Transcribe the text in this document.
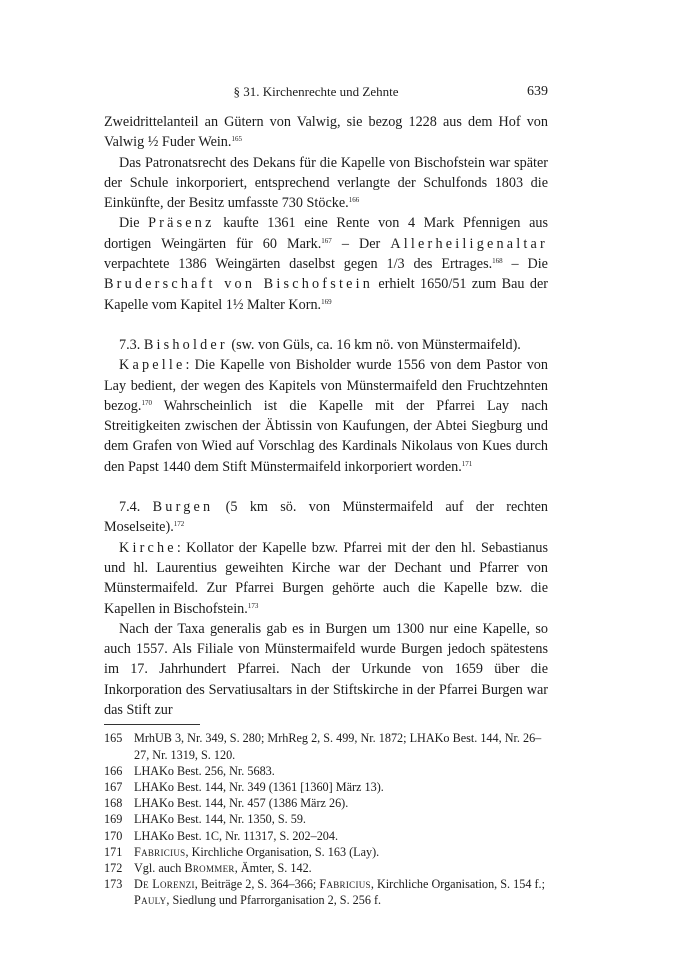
§ 31. Kirchenrechte und Zehnte	639

Zweidrittelanteil an Gütern von Valwig, sie bezog 1228 aus dem Hof von Valwig ½ Fuder Wein.$^{165}$

Das Patronatsrecht des Dekans für die Kapelle von Bischofstein war später der Schule inkorporiert, entsprechend verlangte der Schulfonds 1803 die Einkünfte, der Besitz umfasste 730 Stöcke.$^{166}$

Die Präsenz kaufte 1361 eine Rente von 4 Mark Pfennigen aus dortigen Weingärten für 60 Mark.$^{167}$ – Der Allerheiligenaltar verpachtete 1386 Weingärten daselbst gegen 1/3 des Ertrages.$^{168}$ – Die Bruderschaft von Bischofstein erhielt 1650/51 zum Bau der Kapelle vom Kapitel 1½ Malter Korn.$^{169}$

7.3. Bisholder (sw. von Güls, ca. 16 km nö. von Münstermaifeld).

Kapelle: Die Kapelle von Bisholder wurde 1556 von dem Pastor von Lay bedient, der wegen des Kapitels von Münstermaifeld den Fruchtzehnten bezog.$^{170}$ Wahrscheinlich ist die Kapelle mit der Pfarrei Lay nach Streitigkeiten zwischen der Äbtissin von Kaufungen, der Abtei Siegburg und dem Grafen von Wied auf Vorschlag des Kardinals Nikolaus von Kues durch den Papst 1440 dem Stift Münstermaifeld inkorporiert worden.$^{171}$

7.4. Burgen (5 km sö. von Münstermaifeld auf der rechten Moselseite).$^{172}$

Kirche: Kollator der Kapelle bzw. Pfarrei mit der den hl. Sebastianus und hl. Laurentius geweihten Kirche war der Dechant und Pfarrer von Münstermaifeld. Zur Pfarrei Burgen gehörte auch die Kapelle bzw. die Kapellen in Bischofstein.$^{173}$

Nach der Taxa generalis gab es in Burgen um 1300 nur eine Kapelle, so auch 1557. Als Filiale von Münstermaifeld wurde Burgen jedoch spätestens im 17. Jahrhundert Pfarrei. Nach der Urkunde von 1659 über die Inkorporation des Servatiusaltars in der Stiftskirche in der Pfarrei Burgen war das Stift zur

165 MrhUB 3, Nr. 349, S. 280; MrhReg 2, S. 499, Nr. 1872; LHAKo Best. 144, Nr. 26–27, Nr. 1319, S. 120.
166 LHAKo Best. 256, Nr. 5683.
167 LHAKo Best. 144, Nr. 349 (1361 [1360] März 13).
168 LHAKo Best. 144, Nr. 457 (1386 März 26).
169 LHAKo Best. 144, Nr. 1350, S. 59.
170 LHAKo Best. 1C, Nr. 11317, S. 202–204.
171 Fabricius, Kirchliche Organisation, S. 163 (Lay).
172 Vgl. auch Brommer, Ämter, S. 142.
173 De Lorenzi, Beiträge 2, S. 364–366; Fabricius, Kirchliche Organisation, S. 154 f.; Pauly, Siedlung und Pfarrorganisation 2, S. 256 f.
